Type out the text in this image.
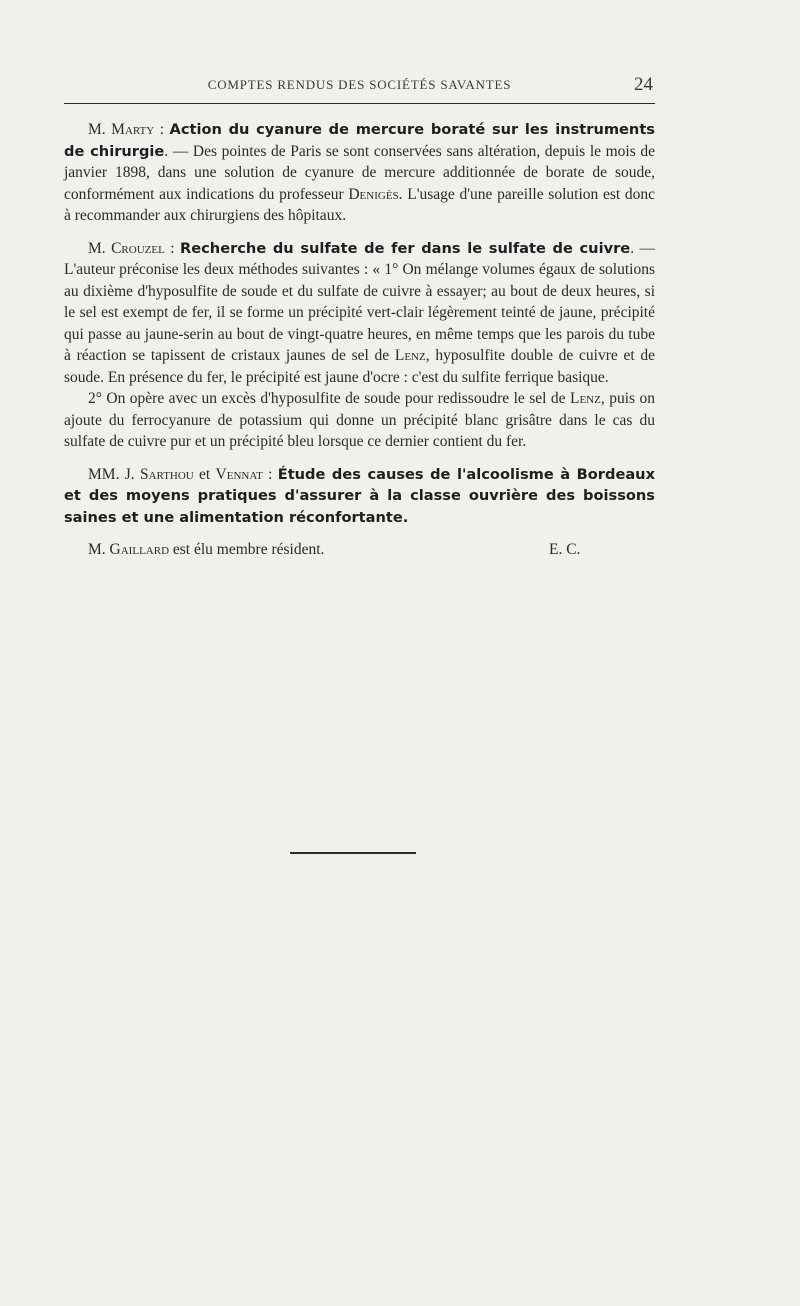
COMPTES RENDUS DES SOCIÉTÉS SAVANTES	24

M. Marty : Action du cyanure de mercure boraté sur les instruments de chirurgie. — Des pointes de Paris se sont conservées sans altération, depuis le mois de janvier 1898, dans une solution de cyanure de mercure additionnée de borate de soude, conformément aux indications du professeur Denigès. L'usage d'une pareille solution est donc à recommander aux chirurgiens des hôpitaux.

M. Crouzel : Recherche du sulfate de fer dans le sulfate de cuivre. — L'auteur préconise les deux méthodes suivantes : « 1° On mélange volumes égaux de solutions au dixième d'hyposulfite de soude et du sulfate de cuivre à essayer; au bout de deux heures, si le sel est exempt de fer, il se forme un précipité vert-clair légèrement teinté de jaune, précipité qui passe au jaune-serin au bout de vingt-quatre heures, en même temps que les parois du tube à réaction se tapissent de cristaux jaunes de sel de Lenz, hyposulfite double de cuivre et de soude. En présence du fer, le précipité est jaune d'ocre : c'est du sulfite ferrique basique.

2° On opère avec un excès d'hyposulfite de soude pour redissoudre le sel de Lenz, puis on ajoute du ferrocyanure de potassium qui donne un précipité blanc grisâtre dans le cas du sulfate de cuivre pur et un précipité bleu lorsque ce dernier contient du fer.

MM. J. Sarthou et Vennat : Étude des causes de l'alcoolisme à Bordeaux et des moyens pratiques d'assurer à la classe ouvrière des boissons saines et une alimentation réconfortante.

M. Gaillard est élu membre résident.	E. C.
